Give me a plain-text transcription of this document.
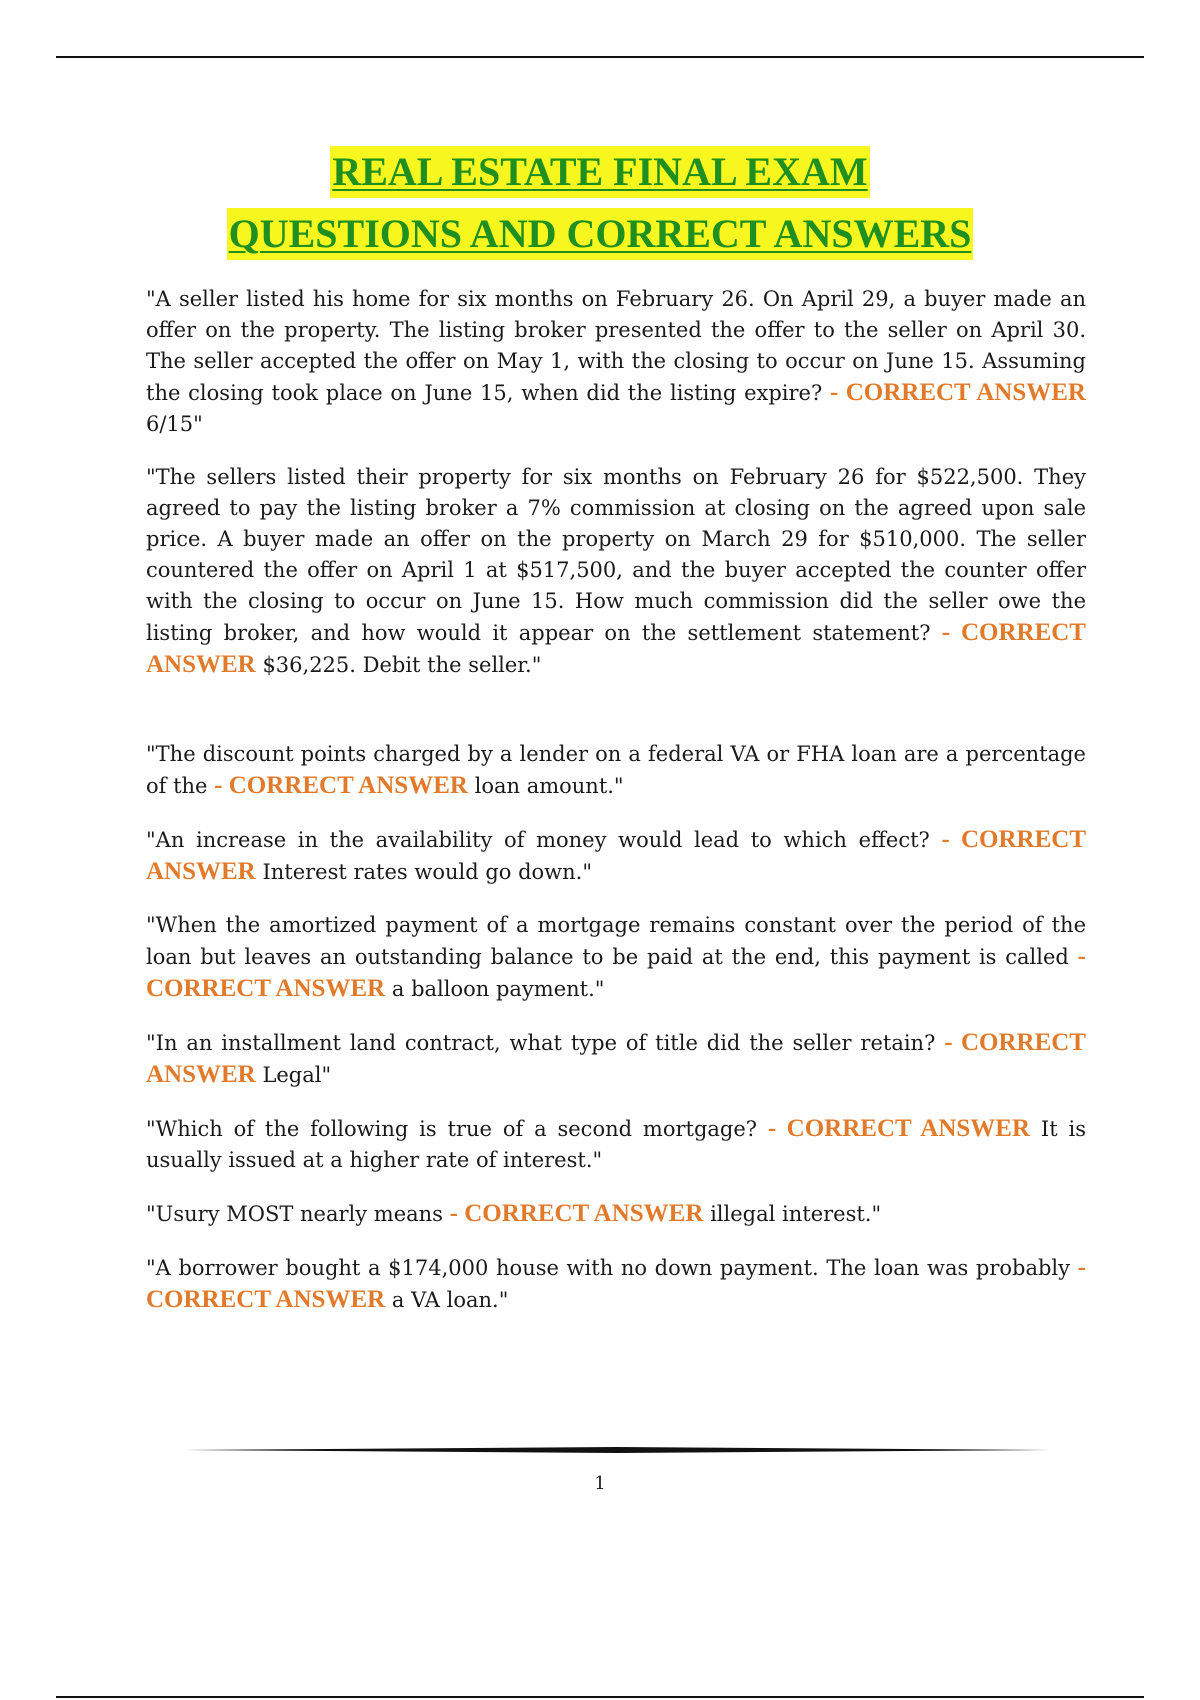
REAL ESTATE FINAL EXAM
QUESTIONS AND CORRECT ANSWERS

"A seller listed his home for six months on February 26. On April 29, a buyer made an offer on the property. The listing broker presented the offer to the seller on April 30. The seller accepted the offer on May 1, with the closing to occur on June 15. Assuming the closing took place on June 15, when did the listing expire? - CORRECT ANSWER 6/15"

"The sellers listed their property for six months on February 26 for $522,500. They agreed to pay the listing broker a 7% commission at closing on the agreed upon sale price. A buyer made an offer on the property on March 29 for $510,000. The seller countered the offer on April 1 at $517,500, and the buyer accepted the counter offer with the closing to occur on June 15. How much commission did the seller owe the listing broker, and how would it appear on the settlement statement? - CORRECT ANSWER $36,225. Debit the seller."

"The discount points charged by a lender on a federal VA or FHA loan are a percentage of the - CORRECT ANSWER loan amount."

"An increase in the availability of money would lead to which effect? - CORRECT ANSWER Interest rates would go down."

"When the amortized payment of a mortgage remains constant over the period of the loan but leaves an outstanding balance to be paid at the end, this payment is called - CORRECT ANSWER a balloon payment."

"In an installment land contract, what type of title did the seller retain? - CORRECT ANSWER Legal"

"Which of the following is true of a second mortgage? - CORRECT ANSWER It is usually issued at a higher rate of interest."

"Usury MOST nearly means - CORRECT ANSWER illegal interest."

"A borrower bought a $174,000 house with no down payment. The loan was probably - CORRECT ANSWER a VA loan."

1
